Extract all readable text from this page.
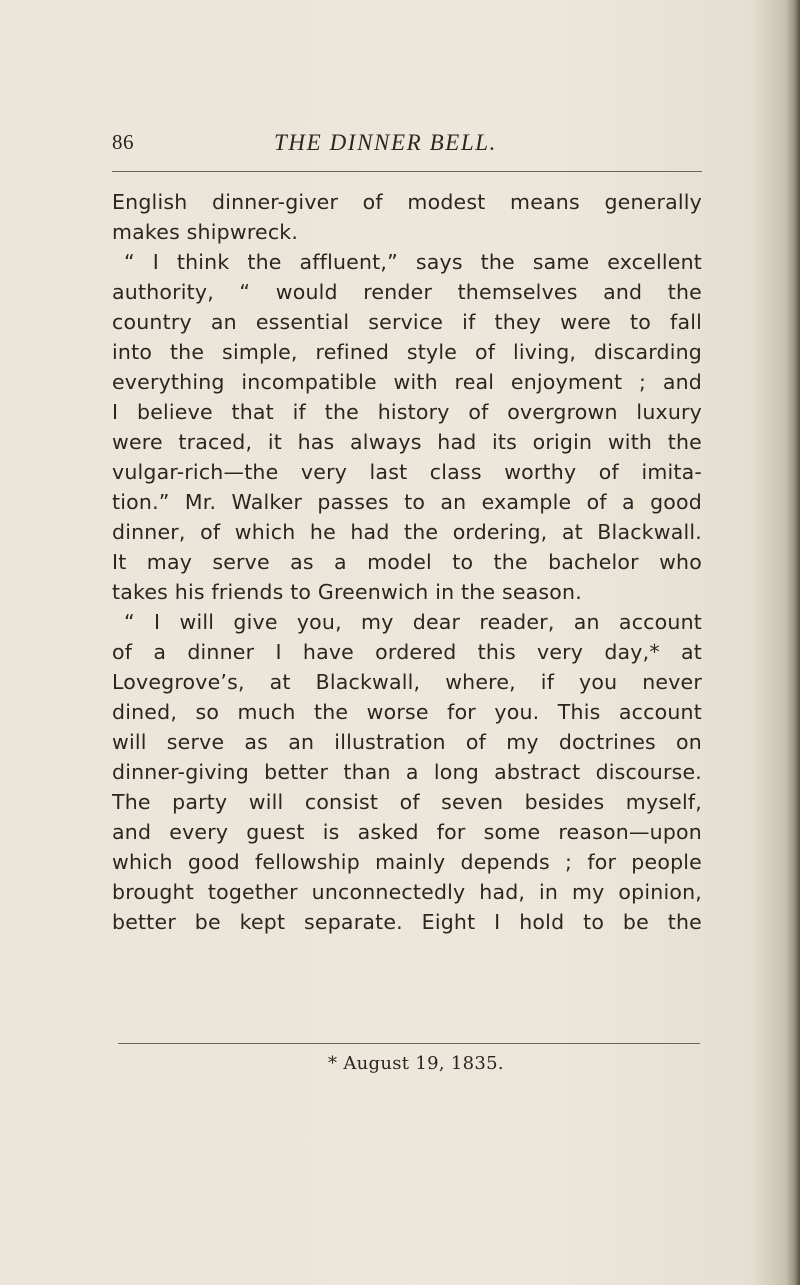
86	THE DINNER BELL.
English dinner-giver of modest means generally
makes shipwreck.
“ I think the affluent,” says the same excellent
authority, “ would render themselves and the
country an essential service if they were to fall
into the simple, refined style of living, discarding
everything incompatible with real enjoyment ; and
I believe that if the history of overgrown luxury
were traced, it has always had its origin with the
vulgar-rich—the very last class worthy of imita-
tion.” Mr. Walker passes to an example of a good
dinner, of which he had the ordering, at Blackwall.
It may serve as a model to the bachelor who
takes his friends to Greenwich in the season.
“ I will give you, my dear reader, an account
of a dinner I have ordered this very day,* at
Lovegrove’s, at Blackwall, where, if you never
dined, so much the worse for you. This account
will serve as an illustration of my doctrines on
dinner-giving better than a long abstract discourse.
The party will consist of seven besides myself,
and every guest is asked for some reason—upon
which good fellowship mainly depends ; for people
brought together unconnectedly had, in my opinion,
better be kept separate. Eight I hold to be the
* August 19, 1835.
